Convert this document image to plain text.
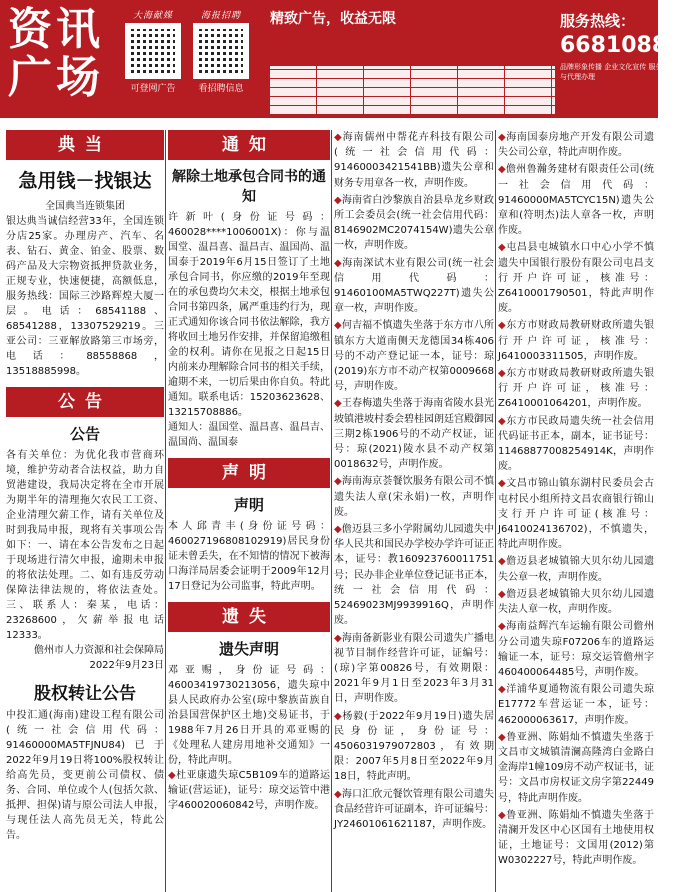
资讯
广场
大海献媒
可登网广告
海报招聘
看招聘信息
精致广告，收益无限	服务热线：
66810888
品牌形象传播 企业文化宣传 服务咨询与代理办理
典当
急用钱－找银达
全国典当连锁集团
银达典当诚信经营33年，全国连锁分店25家。办理房产、汽车、名表、钻石、黄金、铂金、股票、数码产品及大宗物资抵押贷款业务，正规专业，快速便捷，高额低息，服务热线：国际三沙路辉煌大厦一层。电话：68541188、68541288，13307529219。三亚公司：三亚解放路第三市场旁，电话：88558868，13518885998。
公告
公告
各有关单位：为优化我市营商环境，维护劳动者合法权益，助力自贸港建设，我局决定将在全市开展为期半年的清理拖欠农民工工资、企业清理欠薪工作，请有关单位及时到我局申报，现将有关事项公告如下：一、请在本公告发布之日起于现场进行清欠申报，逾期未申报的将依法处理。二、如有违反劳动保障法律法规的，将依法查处。三、联系人：秦某，电话：23268600，欠薪举报电话12333。
儋州市人力资源和社会保障局 2022年9月23日
股权转让公告
中投汇通(海南)建设工程有限公司(统一社会信用代码：91460000MA5TFJNU84)已于2022年9月19日将100%股权转让给高先员，变更前公司债权、债务、合同、单位或个人(包括欠款、抵押、担保)请与原公司法人申报，与现任法人高先员无关，特此公告。
通知
解除土地承包合同书的通知
许新叶(身份证号码：460028****1006001X)：你与温国堂、温昌喜、温昌吉、温国尚、温国泰于2019年6月15日签订了土地承包合同书，你应缴的2019年至现在的承包费均欠未交，根据土地承包合同书第四条，属严重违约行为，现正式通知你该合同书依法解除，我方将收回土地另作安排，并保留追缴租金的权利。请你在见报之日起15日内前来办理解除合同书的相关手续，逾期不来，一切后果由你自负。特此通知。联系电话：15203623628、13215708886。
通知人：温国堂、温昌喜、温昌吉、温国尚、温国泰
声明
声明
本人邱青丰(身份证号码：460027196808102919)居民身份证未曾丢失，在不知情的情况下被海口海洋局居委会证明于2009年12月17日登记为公司监事，特此声明。
遗失
遗失声明
邓亚赐，身份证号码：46003419730213056，遗失琼中县人民政府办公室(琼中黎族苗族自治县国营保护区土地)交易证书，于1988年7月26日开具的邓亚赐的《处理私人建房用地补交通知》一份，特此声明。
◆杜亚康遗失琼C5B109车的道路运输证(营运证)，证号：琼交运管中港字460020060842号，声明作废。
◆海南儒州中帮花卉科技有限公司(统一社会信用代码：91460003421541BB)遗失公章和财务专用章各一枚，声明作废。
◆海南省白沙黎族自治县阜龙乡财政所工会委员会(统一社会信用代码：8146902MC2074154W)遗失公章一枚，声明作废。
◆海南深试木业有限公司(统一社会信用代码：91460100MA5TWQ227T)遗失公章一枚，声明作废。
◆何吉福不慎遗失坐落于东方市八所镇东方大道南侧天龙德国34栋406号的不动产登记证一本，证号：琼(2019)东方市不动产权第0009668号，声明作废。
◆王春梅遗失坐落于海南省陵水县光坡镇港坡村委会碧桂园朗廷宫殿御园三期2栋1906号的不动产权证，证号：琼(2021)陵水县不动产权第0018632号，声明作废。
◆海南海京荟餐饮服务有限公司不慎遗失法人章(宋永娟)一枚，声明作废。
◆儋迈县三多小学附属幼儿园遗失中华人民共和国民办学校办学许可证正本，证号：教160923760011751号；民办非企业单位登记证书正本，统一社会信用代码：52469023MJ9939916Q，声明作废。
◆海南备新影业有限公司遗失广播电视节目制作经营许可证，证编号：(琼)字第00826号，有效期限：2021年9月1日至2023年3月31日，声明作废。
◆杨毅(于2022年9月19日)遗失居民身份证，身份证号：4506031979072803，有效期限：2007年5月8日至2022年9月18日，特此声明。
◆海口汇欣元餐饮管理有限公司遗失食品经营许可证副本，许可证编号：JY24601061621187，声明作废。
◆海南国泰房地产开发有限公司遗失公司公章，特此声明作废。
◆儋州鲁瀚务建材有限责任公司(统一社会信用代码：91460000MA5TCYC15N)遗失公章和(符明杰)法人章各一枚，声明作废。
◆屯昌县屯城镇水口中心小学不慎遗失中国银行股份有限公司屯昌支行开户许可证，核准号：Z6410001790501，特此声明作废。
◆东方市财政局教研财政所遗失银行开户许可证，核准号：J6410003311505，声明作废。
◆东方市财政局教研财政所遗失银行开户许可证，核准号：Z6410001064201，声明作废。
◆东方市民政局遗失统一社会信用代码证书正本，副本，证书证号：11468877008254914K，声明作废。
◆文昌市锦山镇东湖村民委员会古屯村民小组所持文昌农商银行锦山支行开户许可证(核准号：J6410024136702)，不慎遗失，特此声明作废。
◆儋迈县老城镇锦大贝尔幼儿园遗失公章一枚，声明作废。
◆儋迈县老城镇锦大贝尔幼儿园遗失法人章一枚，声明作废。
◆海南益辉汽车运输有限公司儋州分公司遗失琼F07206车的道路运输证一本，证号：琼交运管儋州字460400064485号，声明作废。
◆洋浦华夏通物流有限公司遗失琼E17772车营运证一本，证号：462000063617，声明作废。
◆鲁亚洲、陈娟灿不慎遗失坐落于文昌市文城镇清澜高隆湾白金路白金海岸1幢109房不动产权证书，证号：文昌市房权证文房字第22449号，特此声明作废。
◆鲁亚洲、陈娟灿不慎遗失坐落于清澜开发区中心区国有土地使用权证，土地证号：文国用(2012)第W0302227号，特此声明作废。
